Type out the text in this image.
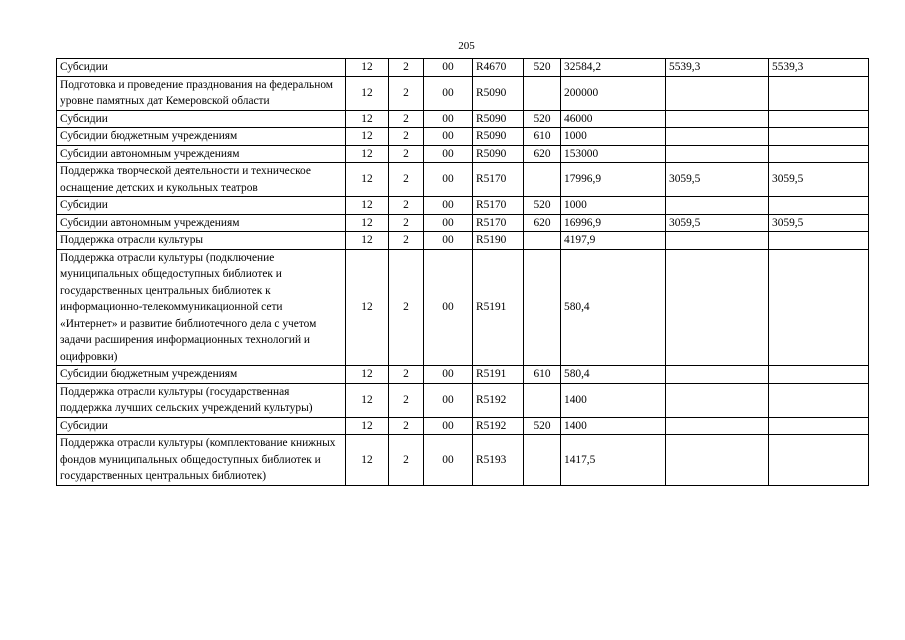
205
Субсидии	12	2	00	R4670	520	32584,2	5539,3	5539,3
Подготовка и проведение празднования на федеральном уровне памятных дат Кемеровской области	12	2	00	R5090		200000		
Субсидии	12	2	00	R5090	520	46000		
Субсидии бюджетным учреждениям	12	2	00	R5090	610	1000		
Субсидии автономным учреждениям	12	2	00	R5090	620	153000		
Поддержка творческой деятельности и техническое оснащение детских и кукольных театров	12	2	00	R5170		17996,9	3059,5	3059,5
Субсидии	12	2	00	R5170	520	1000		
Субсидии автономным учреждениям	12	2	00	R5170	620	16996,9	3059,5	3059,5
Поддержка отрасли культуры	12	2	00	R5190		4197,9		
Поддержка отрасли культуры (подключение муниципальных общедоступных библиотек и государственных центральных библиотек к информационно-телекоммуникационной сети «Интернет» и развитие библиотечного дела с учетом задачи расширения информационных технологий и оцифровки)	12	2	00	R5191		580,4		
Субсидии бюджетным учреждениям	12	2	00	R5191	610	580,4		
Поддержка отрасли культуры (государственная поддержка лучших сельских учреждений культуры)	12	2	00	R5192		1400		
Субсидии	12	2	00	R5192	520	1400		
Поддержка отрасли культуры (комплектование книжных фондов муниципальных общедоступных библиотек и государственных центральных библиотек)	12	2	00	R5193		1417,5		
